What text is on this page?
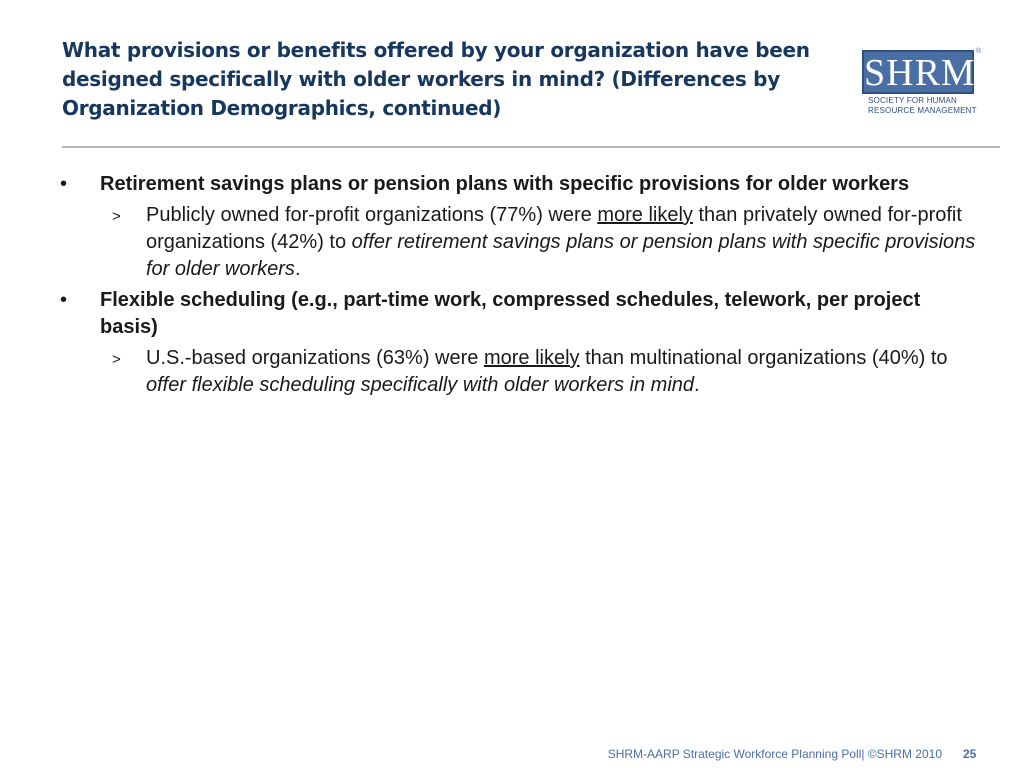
What provisions or benefits offered by your organization have been designed specifically with older workers in mind? (Differences by Organization Demographics, continued)
SHRM
®
SOCIETY FOR HUMAN
RESOURCE MANAGEMENT
• Retirement savings plans or pension plans with specific provisions for older workers
> Publicly owned for-profit organizations (77%) were more likely than privately owned for-profit organizations (42%) to offer retirement savings plans or pension plans with specific provisions for older workers.
• Flexible scheduling (e.g., part-time work, compressed schedules, telework, per project basis)
> U.S.-based organizations (63%) were more likely than multinational organizations (40%) to offer flexible scheduling specifically with older workers in mind.
SHRM-AARP Strategic Workforce Planning Poll| ©SHRM 2010 25
